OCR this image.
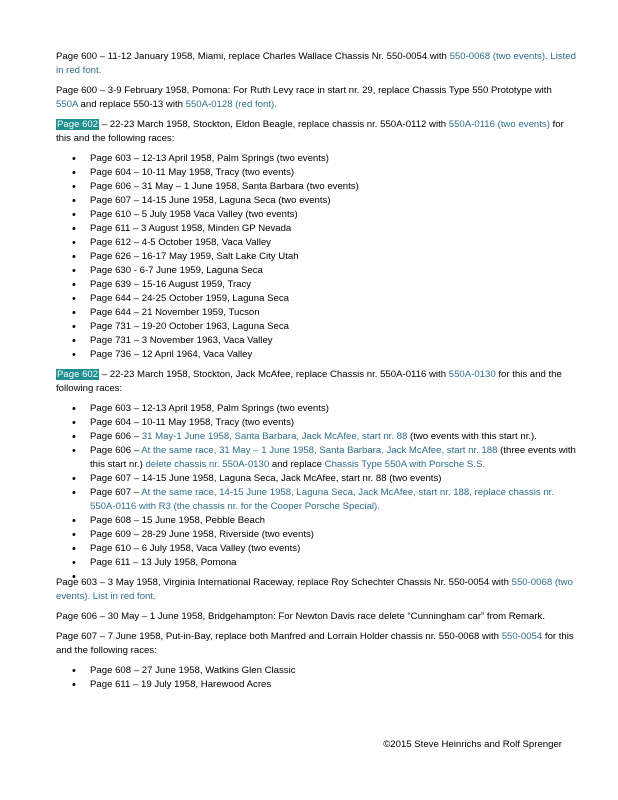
Page 600 – 11-12 January 1958, Miami, replace Charles Wallace Chassis Nr. 550-0054 with 550-0068 (two events). Listed in red font.

Page 600 – 3-9 February 1958, Pomona: For Ruth Levy race in start nr. 29, replace Chassis Type 550 Prototype with 550A and replace 550-13 with 550A-0128 (red font).

Page 602 – 22-23 March 1958, Stockton, Eldon Beagle, replace chassis nr. 550A-0112 with 550A-0116 (two events) for this and the following races:

• Page 603 – 12-13 April 1958, Palm Springs (two events)
• Page 604 – 10-11 May 1958, Tracy (two events)
• Page 606 – 31 May – 1 June 1958, Santa Barbara (two events)
• Page 607 – 14-15 June 1958, Laguna Seca (two events)
• Page 610 – 5 July 1958 Vaca Valley (two events)
• Page 611 – 3 August 1958, Minden GP Nevada
• Page 612 – 4-5 October 1958, Vaca Valley
• Page 626 – 16-17 May 1959, Salt Lake City Utah
• Page 630 - 6-7 June 1959, Laguna Seca
• Page 639 – 15-16 August 1959, Tracy
• Page 644 – 24-25 October 1959, Laguna Seca
• Page 644 – 21 November 1959, Tucson
• Page 731 – 19-20 October 1963, Laguna Seca
• Page 731 – 3 November 1963, Vaca Valley
• Page 736 – 12 April 1964, Vaca Valley

Page 602 – 22-23 March 1958, Stockton, Jack McAfee, replace Chassis nr. 550A-0116 with 550A-0130 for this and the following races:

• Page 603 – 12-13 April 1958, Palm Springs (two events)
• Page 604 – 10-11 May 1958, Tracy (two events)
• Page 606 – 31 May-1 June 1958, Santa Barbara, Jack McAfee, start nr. 88 (two events with this start nr.).
• Page 606 – At the same race, 31 May – 1 June 1958, Santa Barbara, Jack McAfee, start nr. 188 (three events with this start nr.) delete chassis nr. 550A-0130 and replace Chassis Type 550A with Porsche S.S.
• Page 607 – 14-15 June 1958, Laguna Seca, Jack McAfee, start nr. 88 (two events)
• Page 607 – At the same race, 14-15 June 1958, Laguna Seca, Jack McAfee, start nr. 188, replace chassis nr. 550A-0116 with R3 (the chassis nr. for the Cooper Porsche Special).
• Page 608 – 15 June 1958, Pebble Beach
• Page 609 – 28-29 June 1958, Riverside (two events)
• Page 610 – 6 July 1958, Vaca Valley (two events)
• Page 611 – 13 July 1958, Pomona

Page 603 – 3 May 1958, Virginia International Raceway, replace Roy Schechter Chassis Nr. 550-0054 with 550-0068 (two events). List in red font.

Page 606 – 30 May – 1 June 1958, Bridgehampton: For Newton Davis race delete “Cunningham car” from Remark.

Page 607 – 7 June 1958, Put-in-Bay, replace both Manfred and Lorrain Holder chassis nr. 550-0068 with 550-0054 for this and the following races:

• Page 608 – 27 June 1958, Watkins Glen Classic
• Page 611 – 19 July 1958, Harewood Acres
©2015 Steve Heinrichs and Rolf Sprenger
